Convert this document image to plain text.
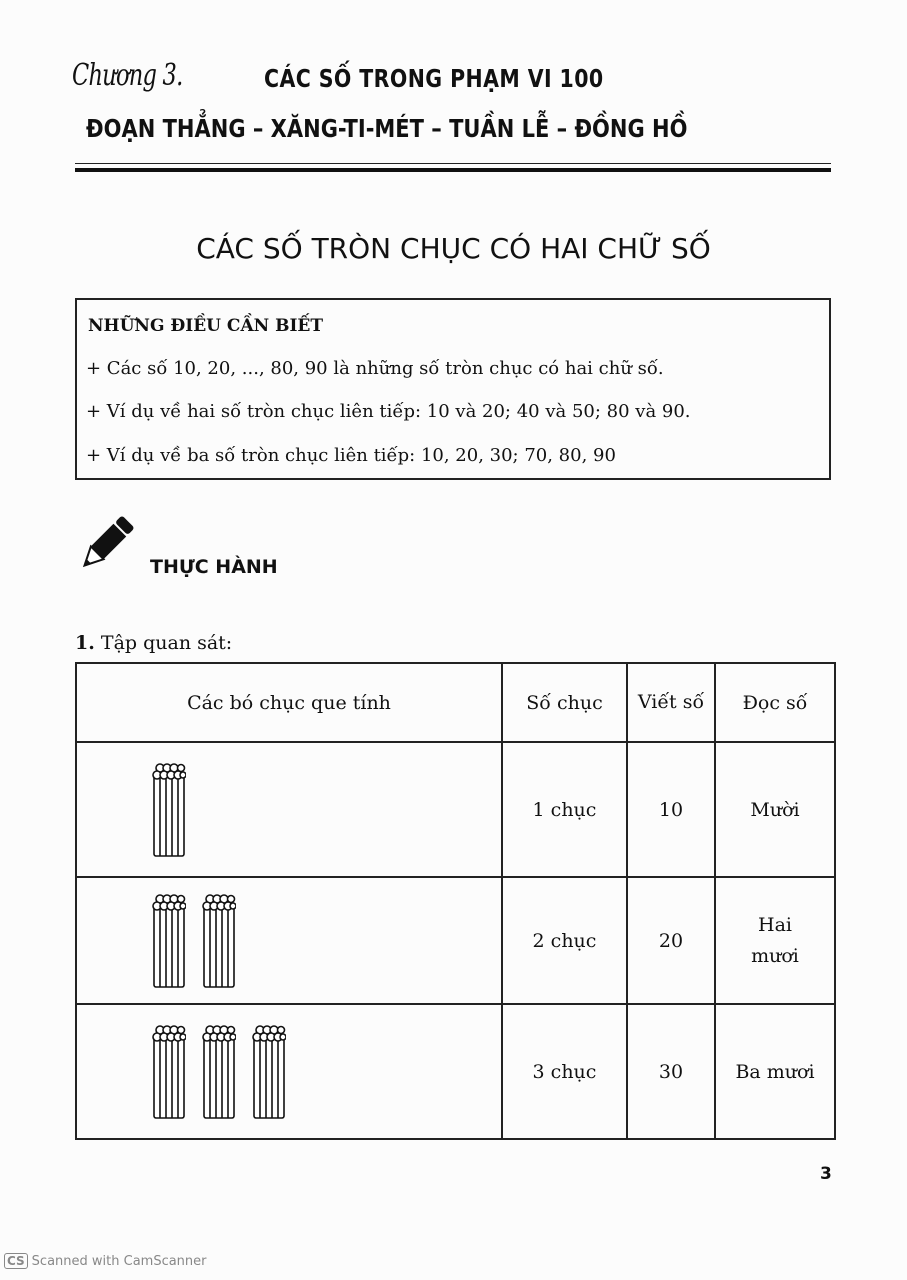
Chương 3.	CÁC SỐ TRONG PHẠM VI 100
ĐOẠN THẲNG – XĂNG-TI-MÉT – TUẦN LỄ – ĐỒNG HỒ
CÁC SỐ TRÒN CHỤC CÓ HAI CHỮ SỐ
NHỮNG ĐIỀU CẦN BIẾT
+ Các số 10, 20, ..., 80, 90 là những số tròn chục có hai chữ số.
+ Ví dụ về hai số tròn chục liên tiếp: 10 và 20; 40 và 50; 80 và 90.
+ Ví dụ về ba số tròn chục liên tiếp: 10, 20, 30; 70, 80, 90
THỰC HÀNH
1. Tập quan sát:
Các bó chục que tính	Số chục	Viết số	Đọc số

	1 chục	10	Mười

	2 chục	20	Hai mươi

	3 chục	30	Ba mươi
3
CS Scanned with CamScanner
